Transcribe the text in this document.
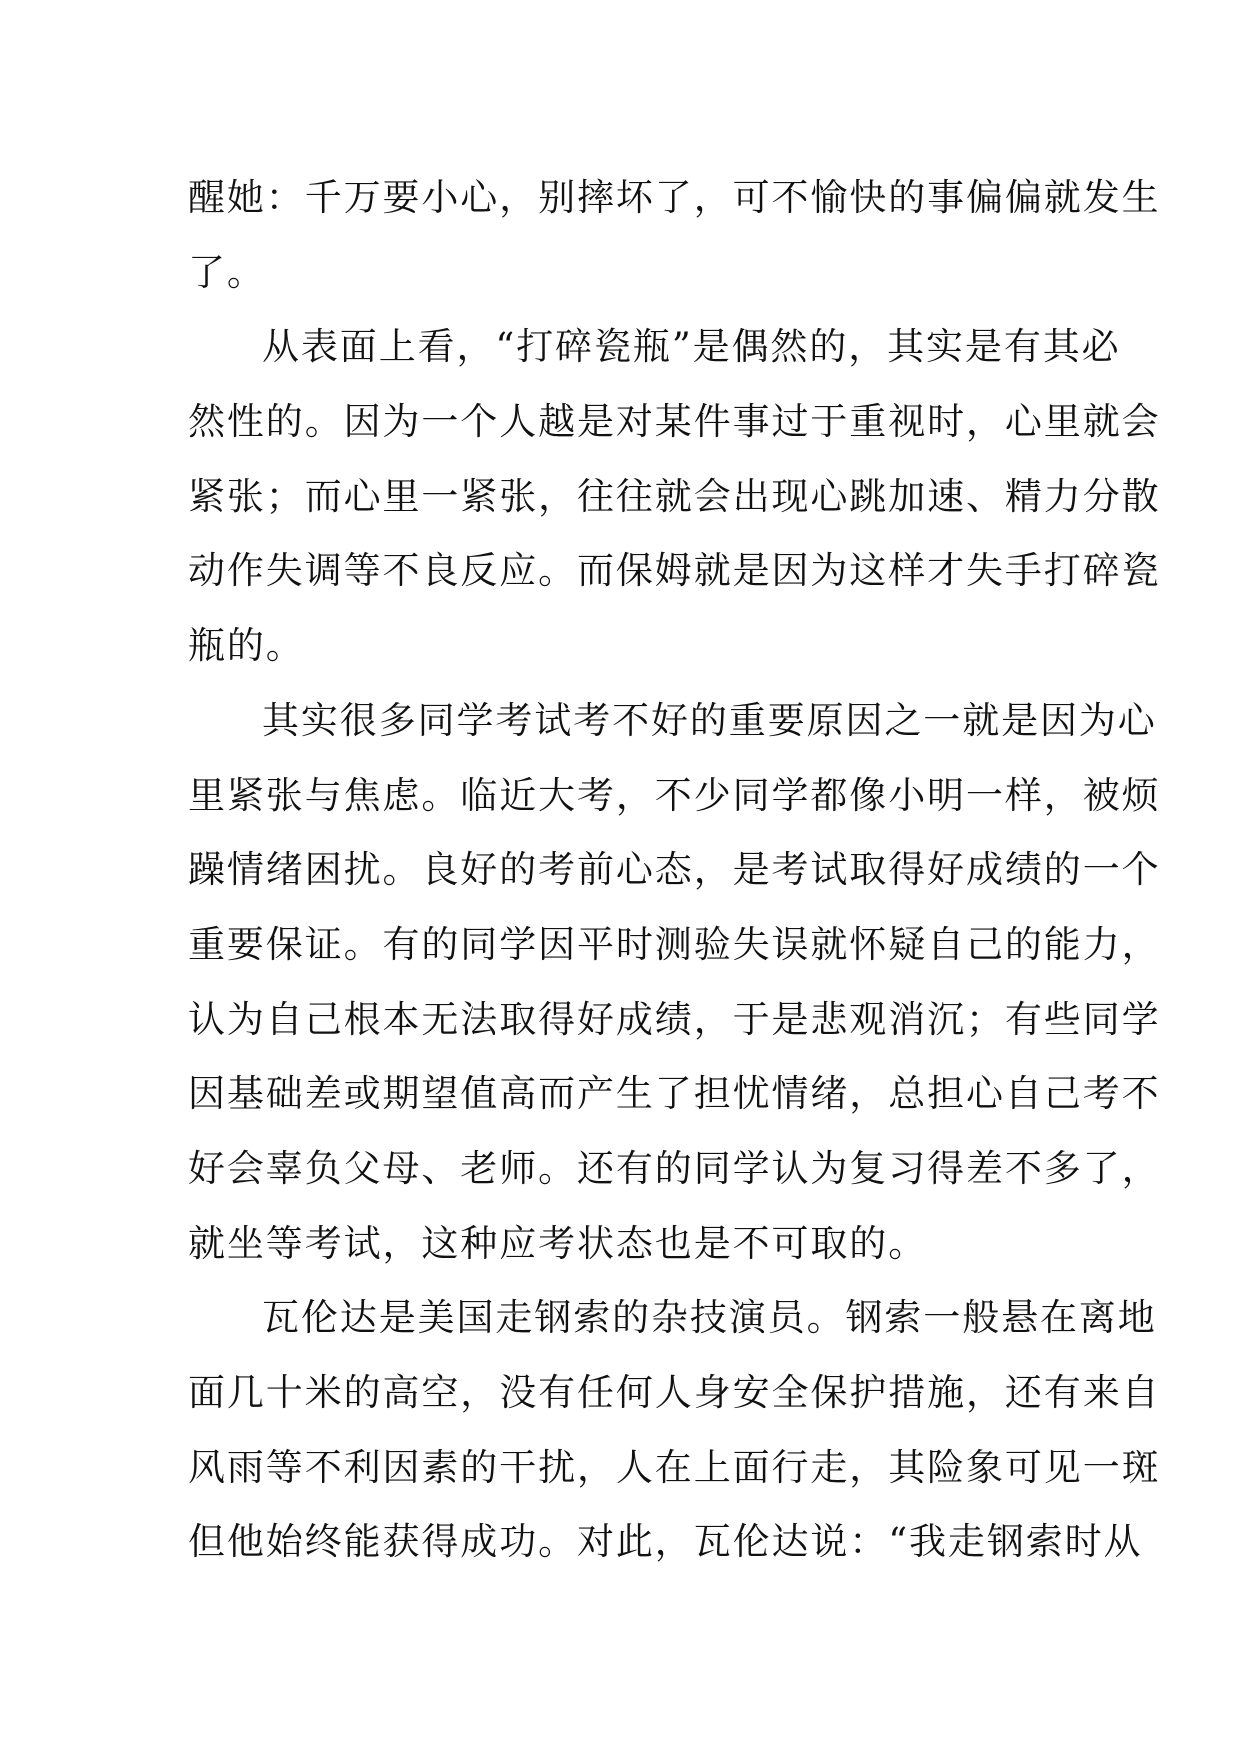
醒她：千万要小心，别摔坏了，可不愉快的事偏偏就发生
了。
从表面上看，“打碎瓷瓶”是偶然的，其实是有其必
然性的。因为一个人越是对某件事过于重视时，心里就会
紧张；而心里一紧张，往往就会出现心跳加速、精力分散
动作失调等不良反应。而保姆就是因为这样才失手打碎瓷
瓶的。
其实很多同学考试考不好的重要原因之一就是因为心
里紧张与焦虑。临近大考，不少同学都像小明一样，被烦
躁情绪困扰。良好的考前心态，是考试取得好成绩的一个
重要保证。有的同学因平时测验失误就怀疑自己的能力，
认为自己根本无法取得好成绩，于是悲观消沉；有些同学
因基础差或期望值高而产生了担忧情绪，总担心自己考不
好会辜负父母、老师。还有的同学认为复习得差不多了，
就坐等考试，这种应考状态也是不可取的。
瓦伦达是美国走钢索的杂技演员。钢索一般悬在离地
面几十米的高空，没有任何人身安全保护措施，还有来自
风雨等不利因素的干扰，人在上面行走，其险象可见一斑
但他始终能获得成功。对此，瓦伦达说：“我走钢索时从
